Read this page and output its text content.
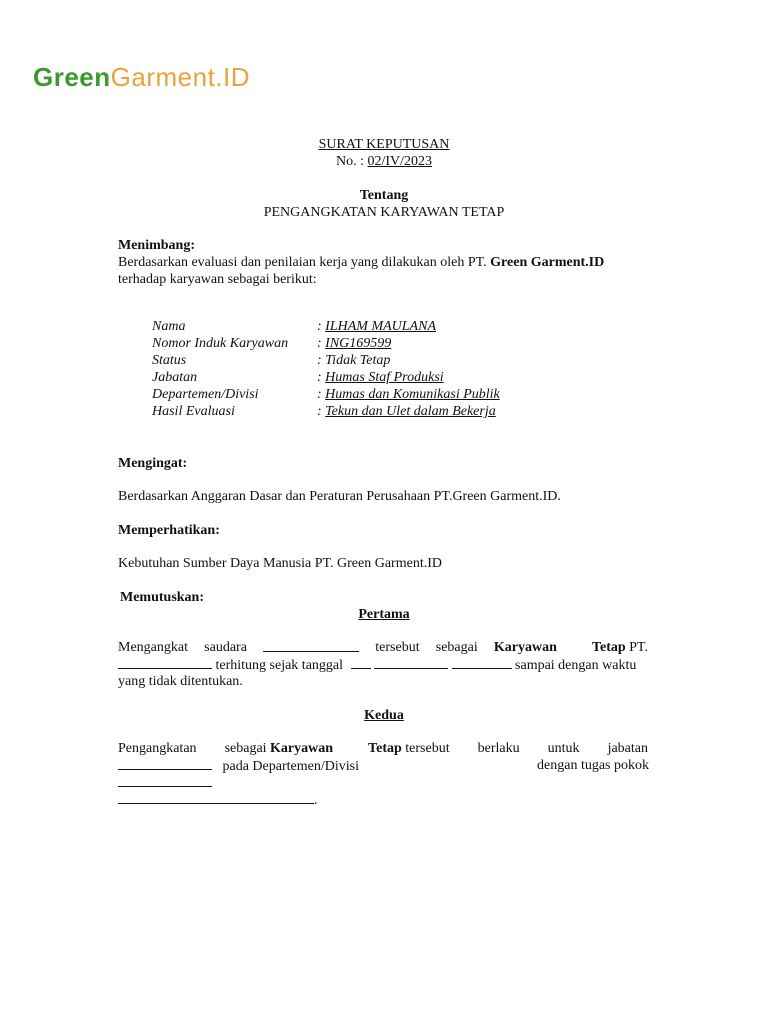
GreenGarment.ID
SURAT KEPUTUSAN
No. : 02/IV/2023
Tentang
PENGANGKATAN KARYAWAN TETAP
Menimbang:
Berdasarkan evaluasi dan penilaian kerja yang dilakukan oleh PT. Green Garment.ID
terhadap karyawan sebagai berikut:
Nama	: ILHAM MAULANA
Nomor Induk Karyawan : ING169599
Status	: Tidak Tetap
Jabatan	: Humas Staf Produksi
Departemen/Divisi	: Humas dan Komunikasi Publik
Hasil Evaluasi	: Tekun dan Ulet dalam Bekerja
Mengingat:
Berdasarkan Anggaran Dasar dan Peraturan Perusahaan PT.Green Garment.ID.
Memperhatikan:
Kebutuhan Sumber Daya Manusia PT. Green Garment.ID
Memutuskan:
Pertama
Mengangkat saudara	tersebut sebagai Karyawan	Tetap PT.
terhitung sejak tanggal	sampai dengan waktu
yang tidak ditentukan.
Kedua
Pengangkatan sebagai Karyawan	Tetap tersebut berlaku untuk jabatan
pada Departemen/Divisi	dengan tugas pokok
.
